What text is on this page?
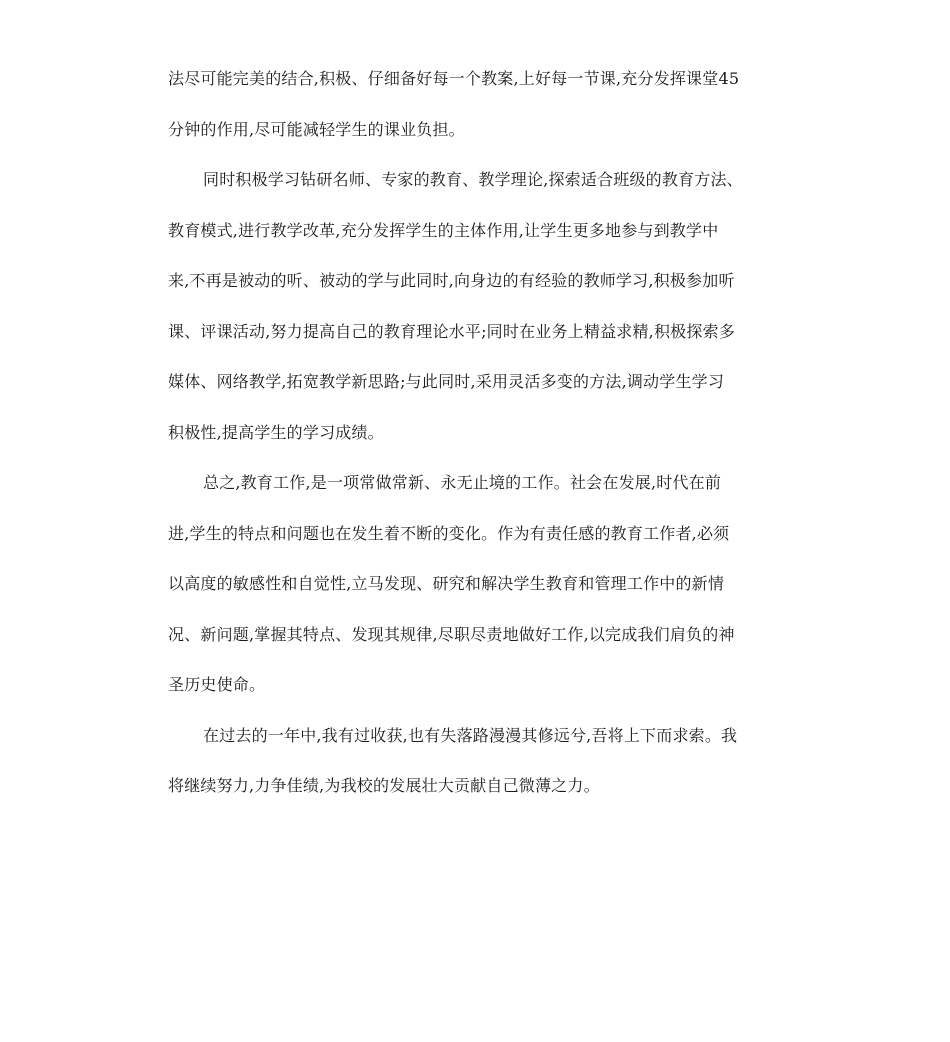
法尽可能完美的结合,积极、仔细备好每一个教案,上好每一节课,充分发挥课堂45
分钟的作用,尽可能减轻学生的课业负担。
同时积极学习钻研名师、专家的教育、教学理论,探索适合班级的教育方法、
教育模式,进行教学改革,充分发挥学生的主体作用,让学生更多地参与到教学中
来,不再是被动的听、被动的学与此同时,向身边的有经验的教师学习,积极参加听
课、评课活动,努力提高自己的教育理论水平;同时在业务上精益求精,积极探索多
媒体、网络教学,拓宽教学新思路;与此同时,采用灵活多变的方法,调动学生学习
积极性,提高学生的学习成绩。
总之,教育工作,是一项常做常新、永无止境的工作。社会在发展,时代在前
进,学生的特点和问题也在发生着不断的变化。作为有责任感的教育工作者,必须
以高度的敏感性和自觉性,立马发现、研究和解决学生教育和管理工作中的新情
况、新问题,掌握其特点、发现其规律,尽职尽责地做好工作,以完成我们肩负的神
圣历史使命。
在过去的一年中,我有过收获,也有失落路漫漫其修远兮,吾将上下而求索。我
将继续努力,力争佳绩,为我校的发展壮大贡献自己微薄之力。
